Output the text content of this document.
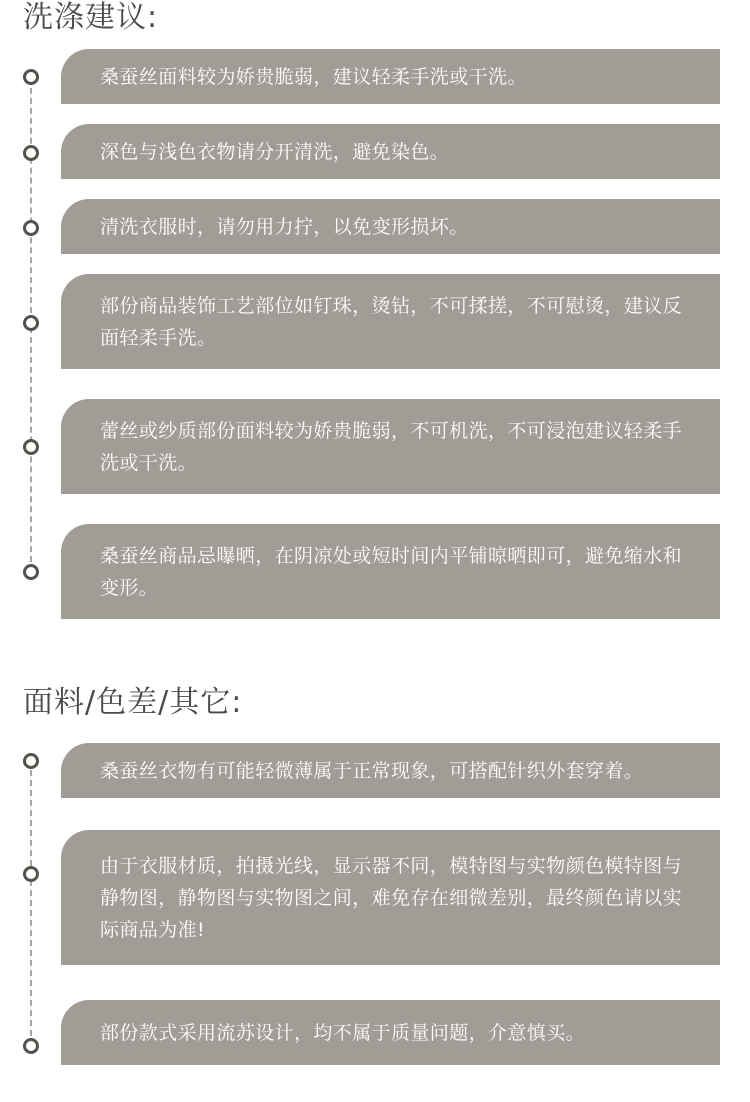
洗涤建议:
桑蚕丝面料较为娇贵脆弱，建议轻柔手洗或干洗。
深色与浅色衣物请分开清洗，避免染色。
清洗衣服时，请勿用力拧，以免变形损坏。
部份商品装饰工艺部位如钉珠，烫钻，不可揉搓，不可慰烫，建议反面轻柔手洗。
蕾丝或纱质部份面料较为娇贵脆弱，不可机洗，不可浸泡建议轻柔手洗或干洗。
桑蚕丝商品忌曝晒，在阴凉处或短时间内平铺晾晒即可，避免缩水和变形。
面料/色差/其它:
桑蚕丝衣物有可能轻微薄属于正常现象，可搭配针织外套穿着。
由于衣服材质，拍摄光线，显示器不同，模特图与实物颜色模特图与静物图，静物图与实物图之间，难免存在细微差别，最终颜色请以实际商品为准!
部份款式采用流苏设计，均不属于质量问题，介意慎买。
